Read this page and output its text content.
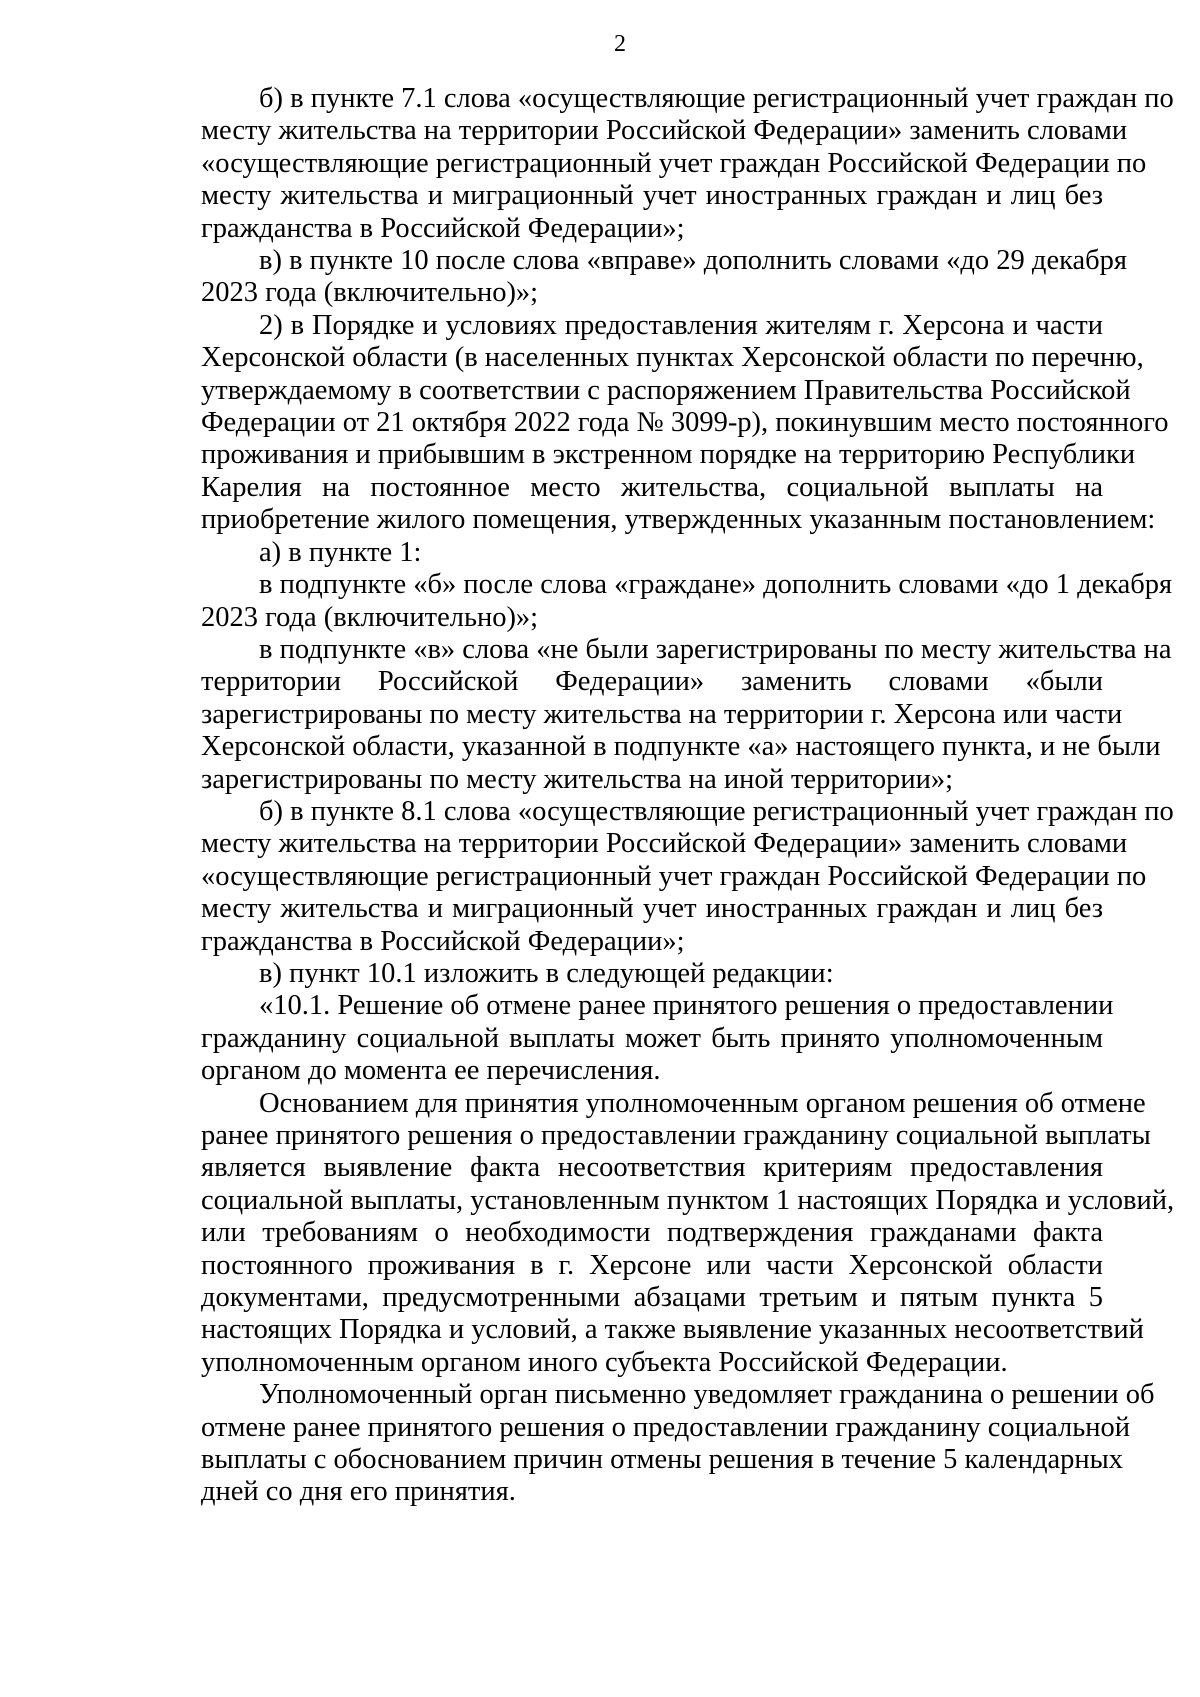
2
б) в пункте 7.1 слова «осуществляющие регистрационный учет граждан по
месту жительства на территории Российской Федерации» заменить словами
«осуществляющие регистрационный учет граждан Российской Федерации по
месту жительства и миграционный учет иностранных граждан и лиц без
гражданства в Российской Федерации»;
в) в пункте 10 после слова «вправе» дополнить словами «до 29 декабря
2023 года (включительно)»;
2) в Порядке и условиях предоставления жителям г. Херсона и части
Херсонской области (в населенных пунктах Херсонской области по перечню,
утверждаемому в соответствии с распоряжением Правительства Российской
Федерации от 21 октября 2022 года № 3099-р), покинувшим место постоянного
проживания и прибывшим в экстренном порядке на территорию Республики
Карелия на постоянное место жительства, социальной выплаты на
приобретение жилого помещения, утвержденных указанным постановлением:
а) в пункте 1:
в подпункте «б» после слова «граждане» дополнить словами «до 1 декабря
2023 года (включительно)»;
в подпункте «в» слова «не были зарегистрированы по месту жительства на
территории Российской Федерации» заменить словами «были
зарегистрированы по месту жительства на территории г. Херсона или части
Херсонской области, указанной в подпункте «а» настоящего пункта, и не были
зарегистрированы по месту жительства на иной территории»;
б) в пункте 8.1 слова «осуществляющие регистрационный учет граждан по
месту жительства на территории Российской Федерации» заменить словами
«осуществляющие регистрационный учет граждан Российской Федерации по
месту жительства и миграционный учет иностранных граждан и лиц без
гражданства в Российской Федерации»;
в) пункт 10.1 изложить в следующей редакции:
«10.1. Решение об отмене ранее принятого решения о предоставлении
гражданину социальной выплаты может быть принято уполномоченным
органом до момента ее перечисления.
Основанием для принятия уполномоченным органом решения об отмене
ранее принятого решения о предоставлении гражданину социальной выплаты
является выявление факта несоответствия критериям предоставления
социальной выплаты, установленным пунктом 1 настоящих Порядка и условий,
или требованиям о необходимости подтверждения гражданами факта
постоянного проживания в г. Херсоне или части Херсонской области
документами, предусмотренными абзацами третьим и пятым пункта 5
настоящих Порядка и условий, а также выявление указанных несоответствий
уполномоченным органом иного субъекта Российской Федерации.
Уполномоченный орган письменно уведомляет гражданина о решении об
отмене ранее принятого решения о предоставлении гражданину социальной
выплаты с обоснованием причин отмены решения в течение 5 календарных
дней со дня его принятия.
